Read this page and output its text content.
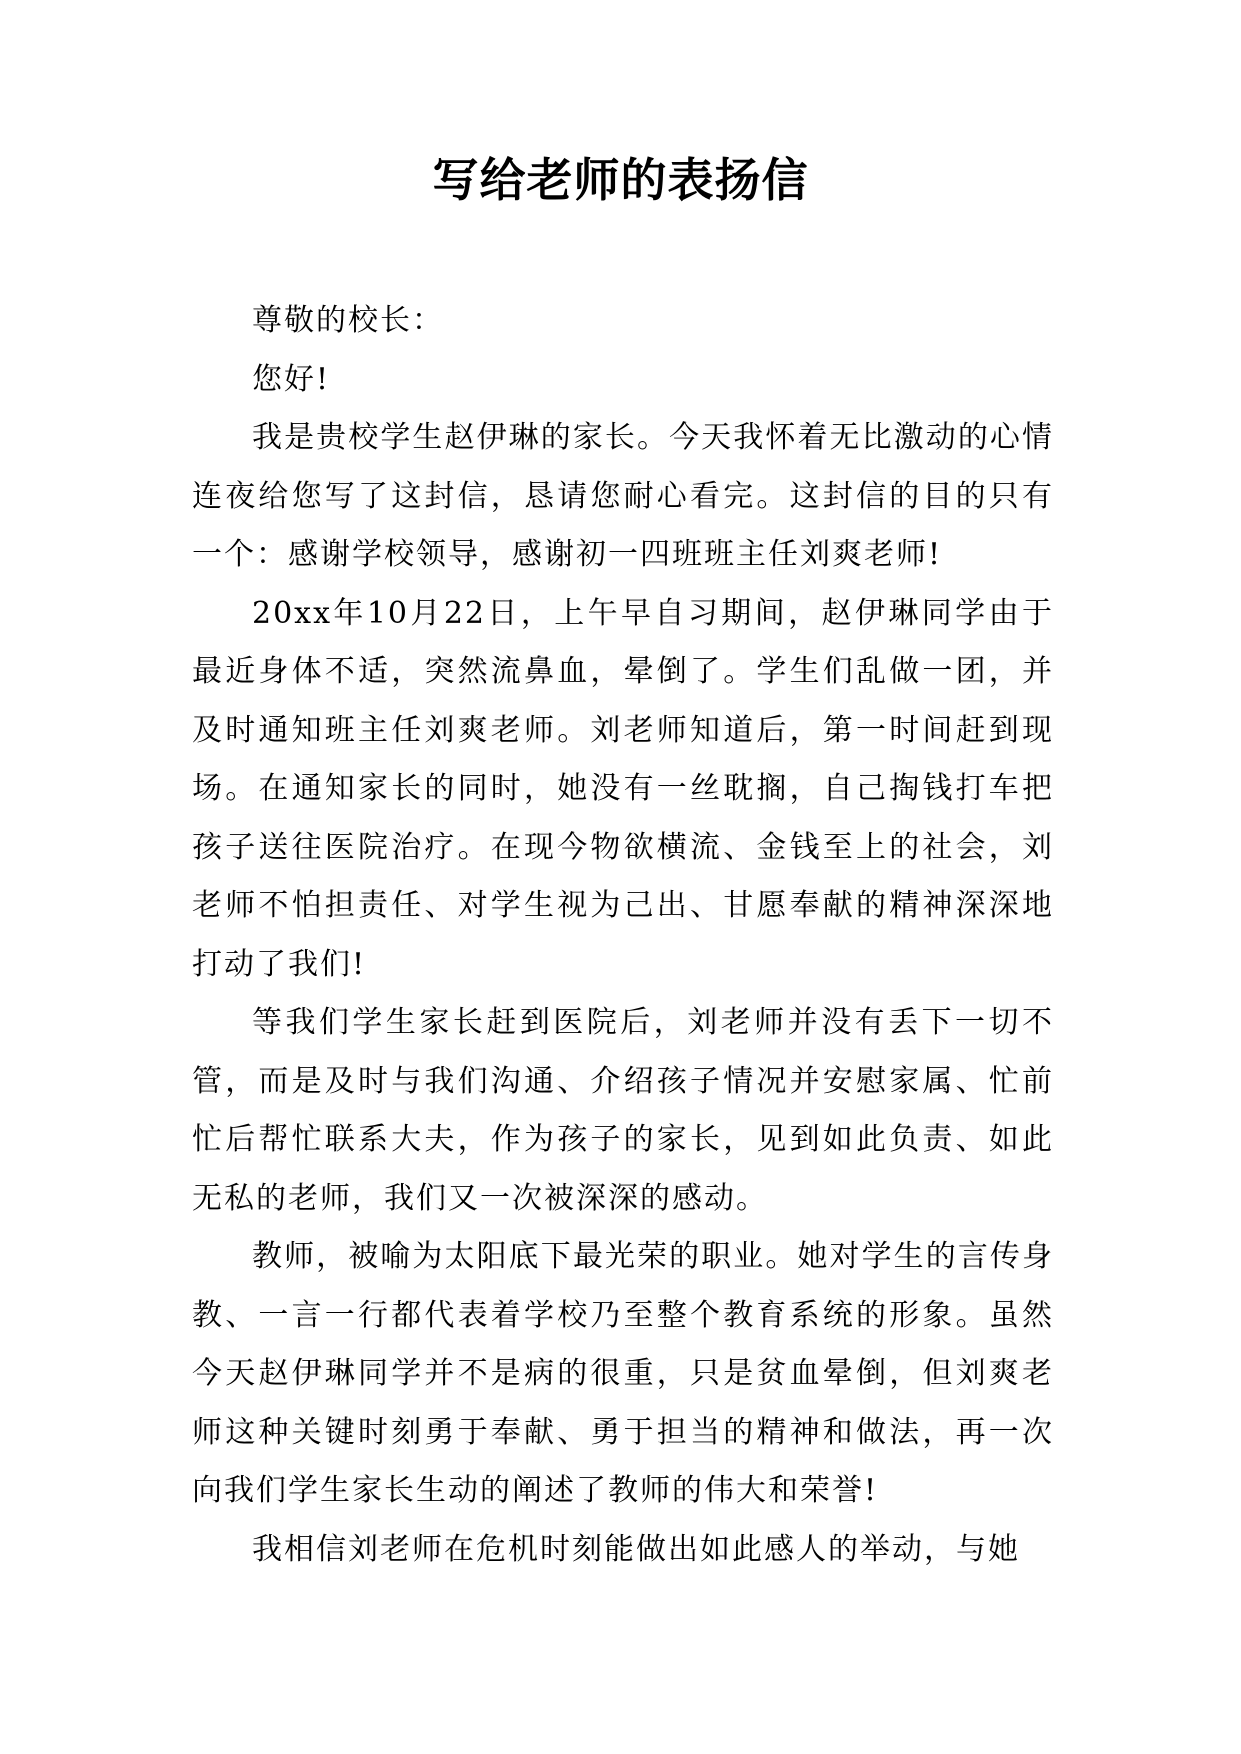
写给老师的表扬信

尊敬的校长：

您好!

我是贵校学生赵伊琳的家长。今天我怀着无比激动的心情连夜给您写了这封信，恳请您耐心看完。这封信的目的只有一个：感谢学校领导，感谢初一四班班主任刘爽老师!

20xx年10月22日，上午早自习期间，赵伊琳同学由于最近身体不适，突然流鼻血，晕倒了。学生们乱做一团，并及时通知班主任刘爽老师。刘老师知道后，第一时间赶到现场。在通知家长的同时，她没有一丝耽搁，自己掏钱打车把孩子送往医院治疗。在现今物欲横流、金钱至上的社会，刘老师不怕担责任、对学生视为己出、甘愿奉献的精神深深地打动了我们!

等我们学生家长赶到医院后，刘老师并没有丢下一切不管，而是及时与我们沟通、介绍孩子情况并安慰家属、忙前忙后帮忙联系大夫，作为孩子的家长，见到如此负责、如此无私的老师，我们又一次被深深的感动。

教师，被喻为太阳底下最光荣的职业。她对学生的言传身教、一言一行都代表着学校乃至整个教育系统的形象。虽然今天赵伊琳同学并不是病的很重，只是贫血晕倒，但刘爽老师这种关键时刻勇于奉献、勇于担当的精神和做法，再一次向我们学生家长生动的阐述了教师的伟大和荣誉!

我相信刘老师在危机时刻能做出如此感人的举动，与她
